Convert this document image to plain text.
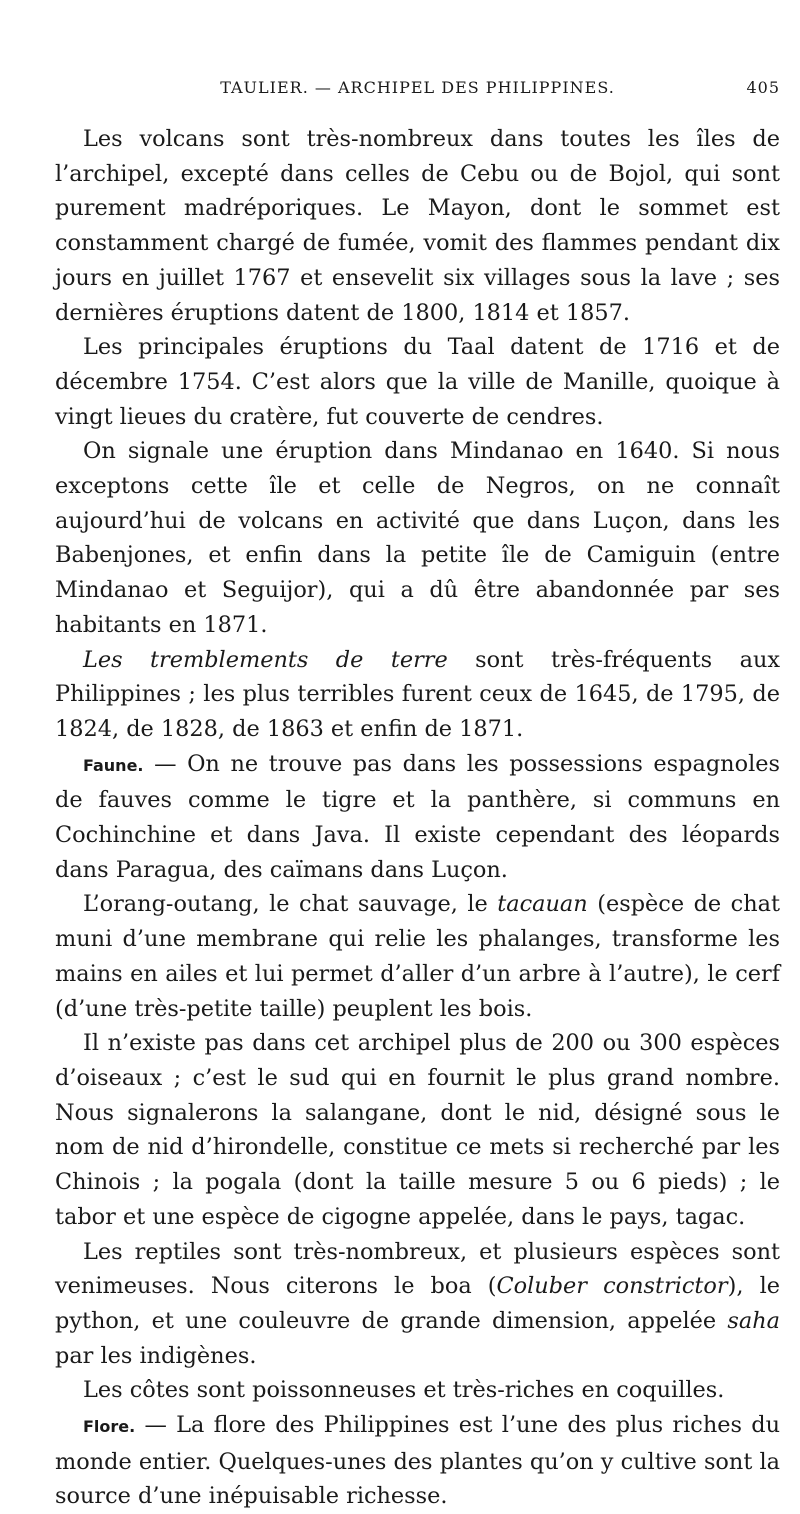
TAULIER. — ARCHIPEL DES PHILIPPINES.	405

Les volcans sont très-nombreux dans toutes les îles de l’archipel, excepté dans celles de Cebu ou de Bojol, qui sont purement madréporiques. Le Mayon, dont le sommet est constamment chargé de fumée, vomit des flammes pendant dix jours en juillet 1767 et ensevelit six villages sous la lave ; ses dernières éruptions datent de 1800, 1814 et 1857.

Les principales éruptions du Taal datent de 1716 et de décembre 1754. C’est alors que la ville de Manille, quoique à vingt lieues du cratère, fut couverte de cendres.

On signale une éruption dans Mindanao en 1640. Si nous exceptons cette île et celle de Negros, on ne connaît aujourd’hui de volcans en activité que dans Luçon, dans les Babenjones, et enfin dans la petite île de Camiguin (entre Mindanao et Seguijor), qui a dû être abandonnée par ses habitants en 1871.

Les tremblements de terre sont très-fréquents aux Philippines ; les plus terribles furent ceux de 1645, de 1795, de 1824, de 1828, de 1863 et enfin de 1871.

Faune. — On ne trouve pas dans les possessions espagnoles de fauves comme le tigre et la panthère, si communs en Cochinchine et dans Java. Il existe cependant des léopards dans Paragua, des caïmans dans Luçon.

L’orang-outang, le chat sauvage, le tacauan (espèce de chat muni d’une membrane qui relie les phalanges, transforme les mains en ailes et lui permet d’aller d’un arbre à l’autre), le cerf (d’une très-petite taille) peuplent les bois.

Il n’existe pas dans cet archipel plus de 200 ou 300 espèces d’oiseaux ; c’est le sud qui en fournit le plus grand nombre. Nous signalerons la salangane, dont le nid, désigné sous le nom de nid d’hirondelle, constitue ce mets si recherché par les Chinois ; la pogala (dont la taille mesure 5 ou 6 pieds) ; le tabor et une espèce de cigogne appelée, dans le pays, tagac.

Les reptiles sont très-nombreux, et plusieurs espèces sont venimeuses. Nous citerons le boa (Coluber constrictor), le python, et une couleuvre de grande dimension, appelée saha par les indigènes.

Les côtes sont poissonneuses et très-riches en coquilles.

Flore. — La flore des Philippines est l’une des plus riches du monde entier. Quelques-unes des plantes qu’on y cultive sont la source d’une inépuisable richesse.
